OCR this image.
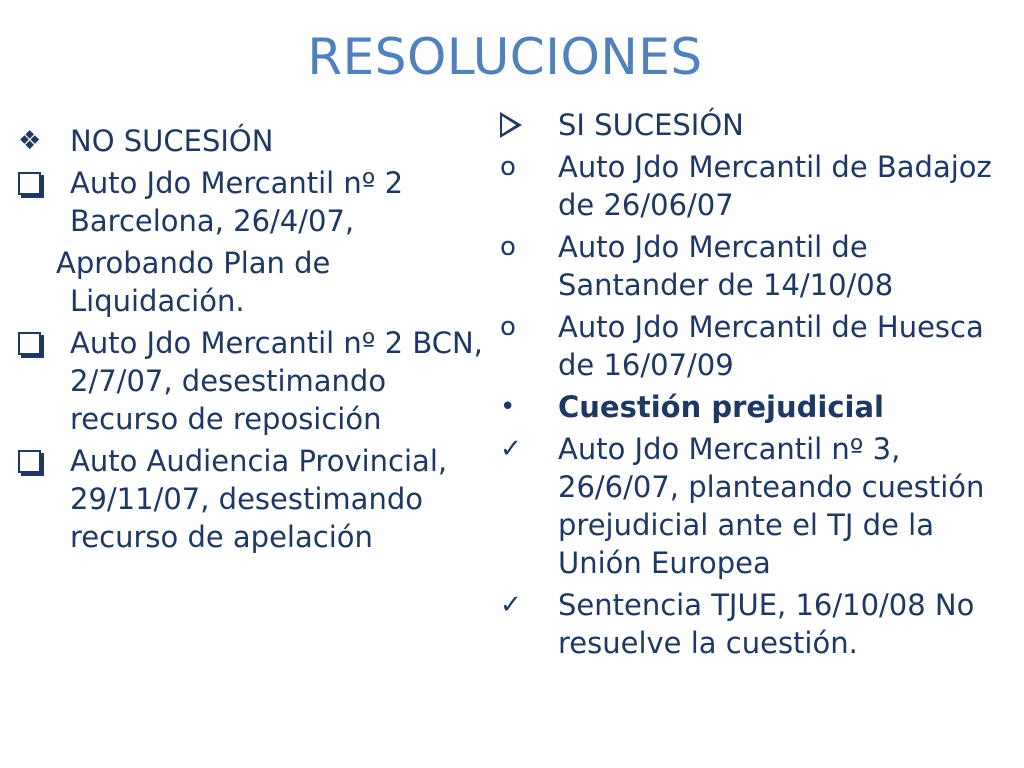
RESOLUCIONES
❖ NO SUCESIÓN
Auto Jdo Mercantil nº 2 Barcelona, 26/4/07,
Aprobando Plan de
Liquidación.
Auto Jdo Mercantil nº 2 BCN, 2/7/07, desestimando recurso de reposición
Auto Audiencia Provincial, 29/11/07, desestimando recurso de apelación
SI SUCESIÓN
o	Auto Jdo Mercantil de Badajoz de 26/06/07
o	Auto Jdo Mercantil de Santander de 14/10/08
o	Auto Jdo Mercantil de Huesca de 16/07/09
•	Cuestión prejudicial
✓	Auto Jdo Mercantil nº 3, 26/6/07, planteando cuestión prejudicial ante el TJ de la Unión Europea
✓	Sentencia TJUE, 16/10/08 No resuelve la cuestión.
